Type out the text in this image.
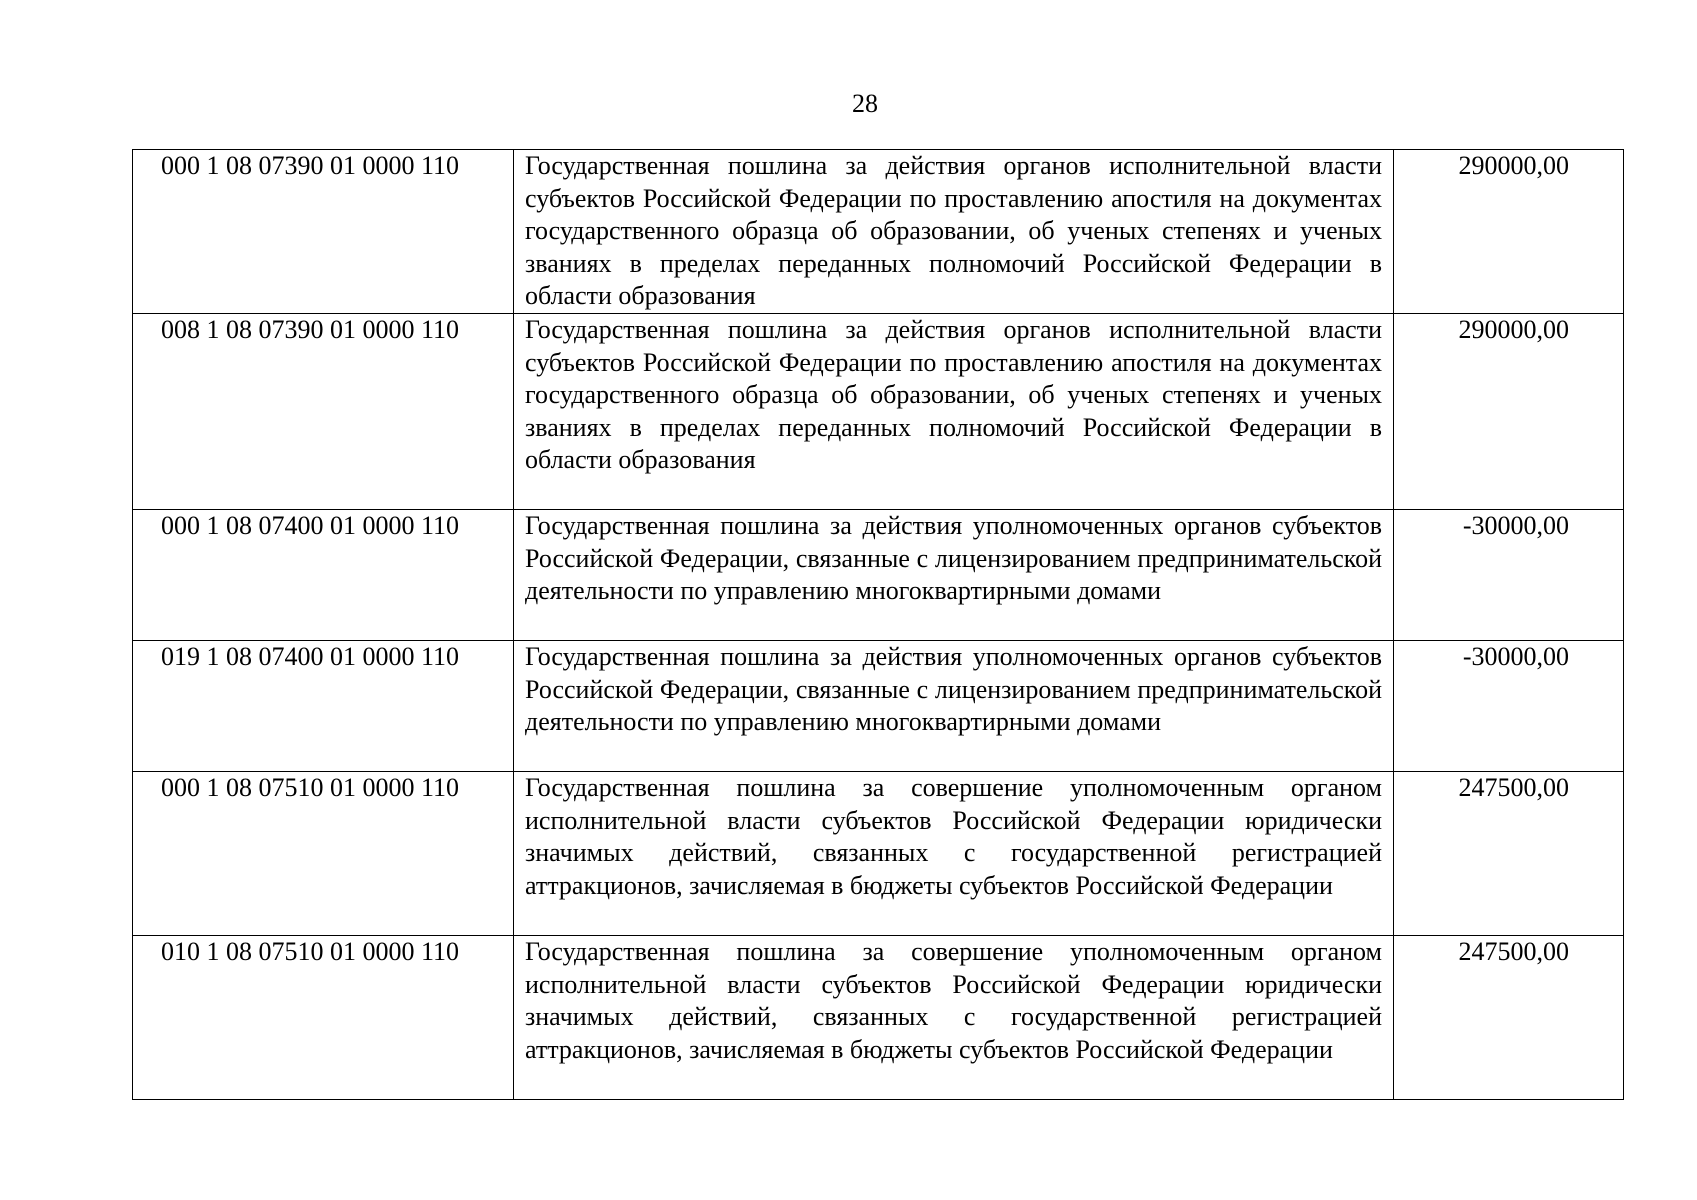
28
000 1 08 07390 01 0000 110	Государственная пошлина за действия органов исполнительной власти субъектов Российской Федерации по проставлению апостиля на документах государственного образца об образовании, об ученых степенях и ученых званиях в пределах переданных полномочий Российской Федерации в области образования	290000,00
008 1 08 07390 01 0000 110	Государственная пошлина за действия органов исполнительной власти субъектов Российской Федерации по проставлению апостиля на документах государственного образца об образовании, об ученых степенях и ученых званиях в пределах переданных полномочий Российской Федерации в области образования	290000,00
000 1 08 07400 01 0000 110	Государственная пошлина за действия уполномоченных органов субъектов Российской Федерации, связанные с лицензированием предпринимательской деятельности по управлению многоквартирными домами	-30000,00
019 1 08 07400 01 0000 110	Государственная пошлина за действия уполномоченных органов субъектов Российской Федерации, связанные с лицензированием предпринимательской деятельности по управлению многоквартирными домами	-30000,00
000 1 08 07510 01 0000 110	Государственная пошлина за совершение уполномоченным органом исполнительной власти субъектов Российской Федерации юридически значимых действий, связанных с государственной регистрацией аттракционов, зачисляемая в бюджеты субъектов Российской Федерации	247500,00
010 1 08 07510 01 0000 110	Государственная пошлина за совершение уполномоченным органом исполнительной власти субъектов Российской Федерации юридически значимых действий, связанных с государственной регистрацией аттракционов, зачисляемая в бюджеты субъектов Российской Федерации	247500,00
